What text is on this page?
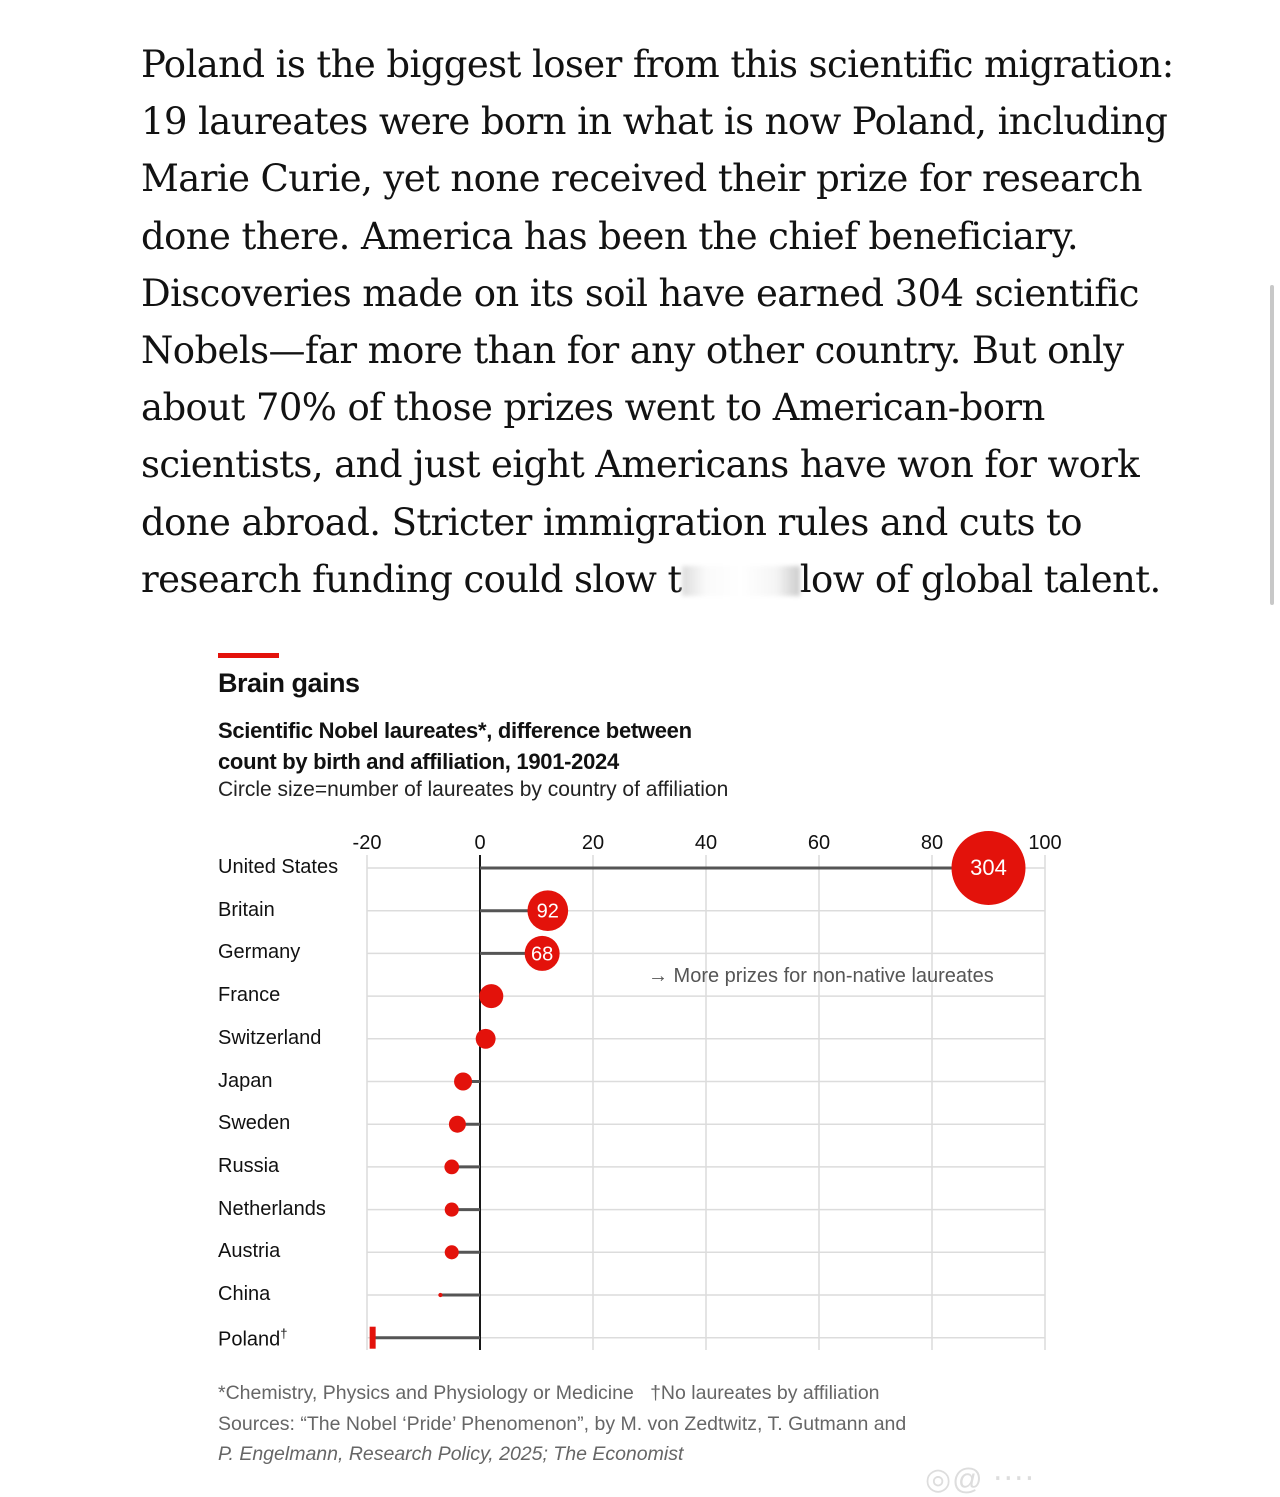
Poland is the biggest loser from this scientific migration:
19 laureates were born in what is now Poland, including
Marie Curie, yet none received their prize for research
done there. America has been the chief beneficiary.
Discoveries made on its soil have earned 304 scientific
Nobels—far more than for any other country. But only
about 70% of those prizes went to American-born
scientists, and just eight Americans have won for work
done abroad. Stricter immigration rules and cuts to
research funding could slow t	low of global talent.
Brain gains
Scientific Nobel laureates*, difference between
count by birth and affiliation, 1901-2024
Circle size=number of laureates by country of affiliation
United States
Britain
Germany
France
Switzerland
Japan
Sweden
Russia
Netherlands
Austria
China
Poland†
-20	0	20	40	60	80	100
304
92
68
→ More prizes for non-native laureates
*Chemistry, Physics and Physiology or Medicine †No laureates by affiliation
Sources: “The Nobel ‘Pride’ Phenomenon”, by M. von Zedtwitz, T. Gutmann and
P. Engelmann, Research Policy, 2025; The Economist
◎@ ‧‧‧‧
